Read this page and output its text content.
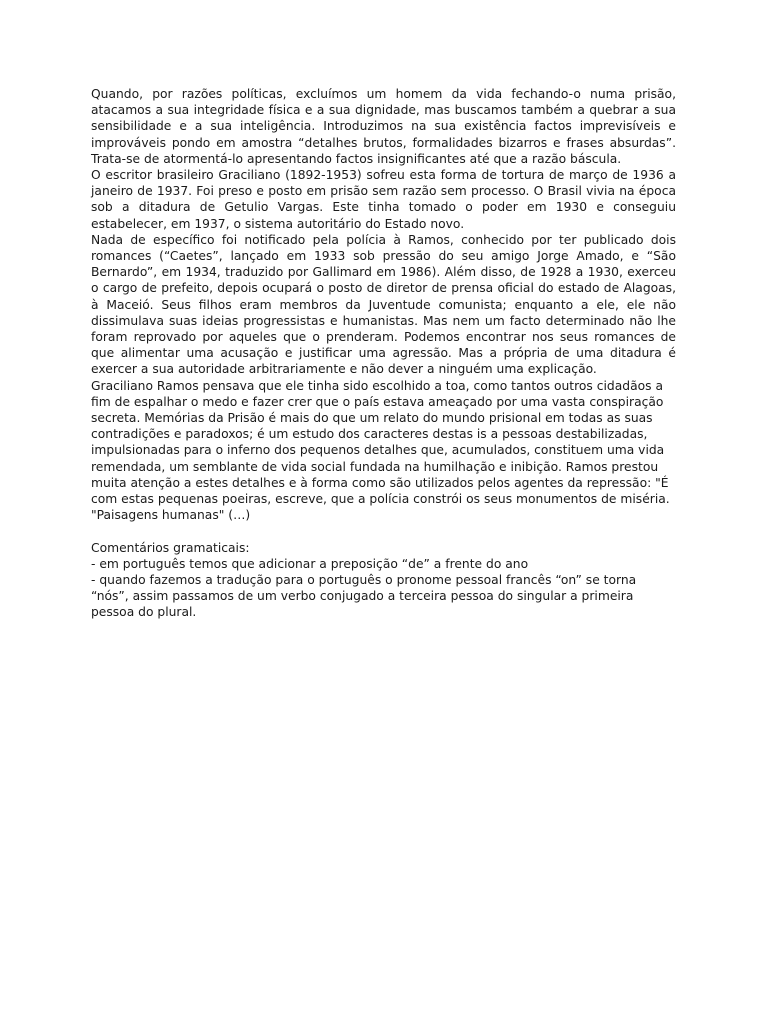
Quando, por razões políticas, excluímos um homem da vida fechando-o numa prisão, atacamos a sua integridade física e a sua dignidade, mas buscamos também a quebrar a sua sensibilidade e a sua inteligência. Introduzimos na sua existência factos imprevisíveis e improváveis pondo em amostra “detalhes brutos, formalidades bizarros e frases absurdas”. Trata-se de atormentá-lo apresentando factos insignificantes até que a razão báscula.

O escritor brasileiro Graciliano (1892-1953) sofreu esta forma de tortura de março de 1936 a janeiro de 1937. Foi preso e posto em prisão sem razão sem processo. O Brasil vivia na época sob a ditadura de Getulio Vargas. Este tinha tomado o poder em 1930 e conseguiu estabelecer, em 1937, o sistema autoritário do Estado novo.

Nada de específico foi notificado pela polícia à Ramos, conhecido por ter publicado dois romances (“Caetes”, lançado em 1933 sob pressão do seu amigo Jorge Amado, e “São Bernardo”, em 1934, traduzido por Gallimard em 1986). Além disso, de 1928 a 1930, exerceu o cargo de prefeito, depois ocupará o posto de diretor de prensa oficial do estado de Alagoas, à Maceió. Seus filhos eram membros da Juventude comunista; enquanto a ele, ele não dissimulava suas ideias progressistas e humanistas. Mas nem um facto determinado não lhe foram reprovado por aqueles que o prenderam. Podemos encontrar nos seus romances de que alimentar uma acusação e justificar uma agressão. Mas a própria de uma ditadura é exercer a sua autoridade arbitrariamente e não dever a ninguém uma explicação.

Graciliano Ramos pensava que ele tinha sido escolhido a toa, como tantos outros cidadãos a fim de espalhar o medo e fazer crer que o país estava ameaçado por uma vasta conspiração secreta. Memórias da Prisão é mais do que um relato do mundo prisional em todas as suas contradições e paradoxos; é um estudo dos caracteres destas is a pessoas destabilizadas, impulsionadas para o inferno dos pequenos detalhes que, acumulados, constituem uma vida remendada, um semblante de vida social fundada na humilhação e inibição. Ramos prestou muita atenção a estes detalhes e à forma como são utilizados pelos agentes da repressão: "É com estas pequenas poeiras, escreve, que a polícia constrói os seus monumentos de miséria. "Paisagens humanas" (…)

Comentários gramaticais:

- em português temos que adicionar a preposição “de” a frente do ano

- quando fazemos a tradução para o português o pronome pessoal francês “on” se torna “nós”, assim passamos de um verbo conjugado a terceira pessoa do singular a primeira pessoa do plural.
